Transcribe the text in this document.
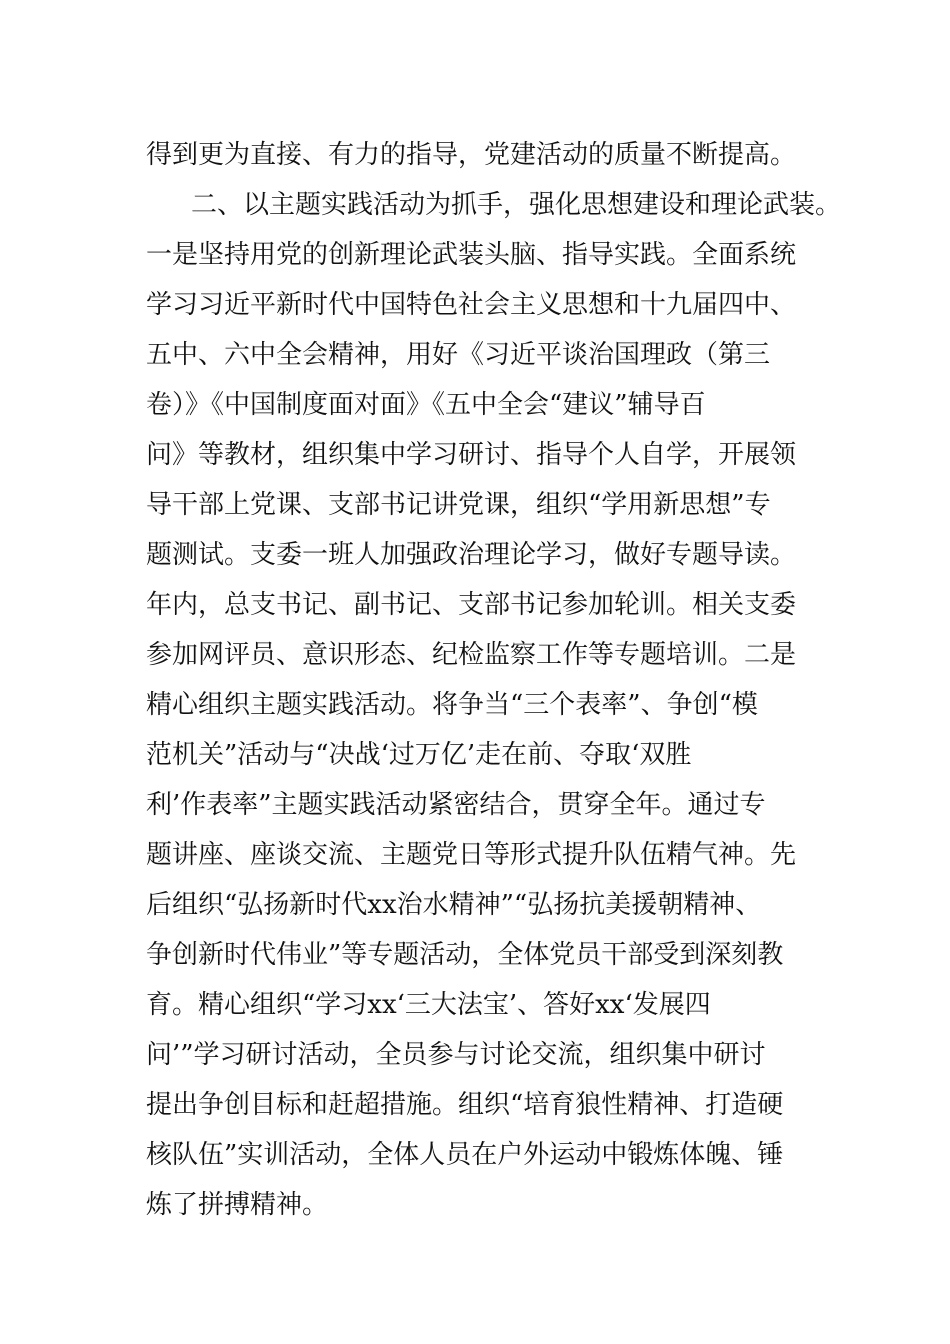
得到更为直接、有力的指导，党建活动的质量不断提高。
二、以主题实践活动为抓手，强化思想建设和理论武装。
一是坚持用党的创新理论武装头脑、指导实践。全面系统
学习习近平新时代中国特色社会主义思想和十九届四中、
五中、六中全会精神，用好《习近平谈治国理政（第三
卷）》《中国制度面对面》《五中全会“建议”辅导百
问》等教材，组织集中学习研讨、指导个人自学，开展领
导干部上党课、支部书记讲党课，组织“学用新思想”专
题测试。支委一班人加强政治理论学习，做好专题导读。
年内，总支书记、副书记、支部书记参加轮训。相关支委
参加网评员、意识形态、纪检监察工作等专题培训。二是
精心组织主题实践活动。将争当“三个表率”、争创“模
范机关”活动与“决战‘过万亿’走在前、夺取‘双胜
利’作表率”主题实践活动紧密结合，贯穿全年。通过专
题讲座、座谈交流、主题党日等形式提升队伍精气神。先
后组织“弘扬新时代xx治水精神”“弘扬抗美援朝精神、
争创新时代伟业”等专题活动，全体党员干部受到深刻教
育。精心组织“学习xx‘三大法宝’、答好xx‘发展四
问’”学习研讨活动，全员参与讨论交流，组织集中研讨
提出争创目标和赶超措施。组织“培育狼性精神、打造硬
核队伍”实训活动，全体人员在户外运动中锻炼体魄、锤
炼了拼搏精神。
